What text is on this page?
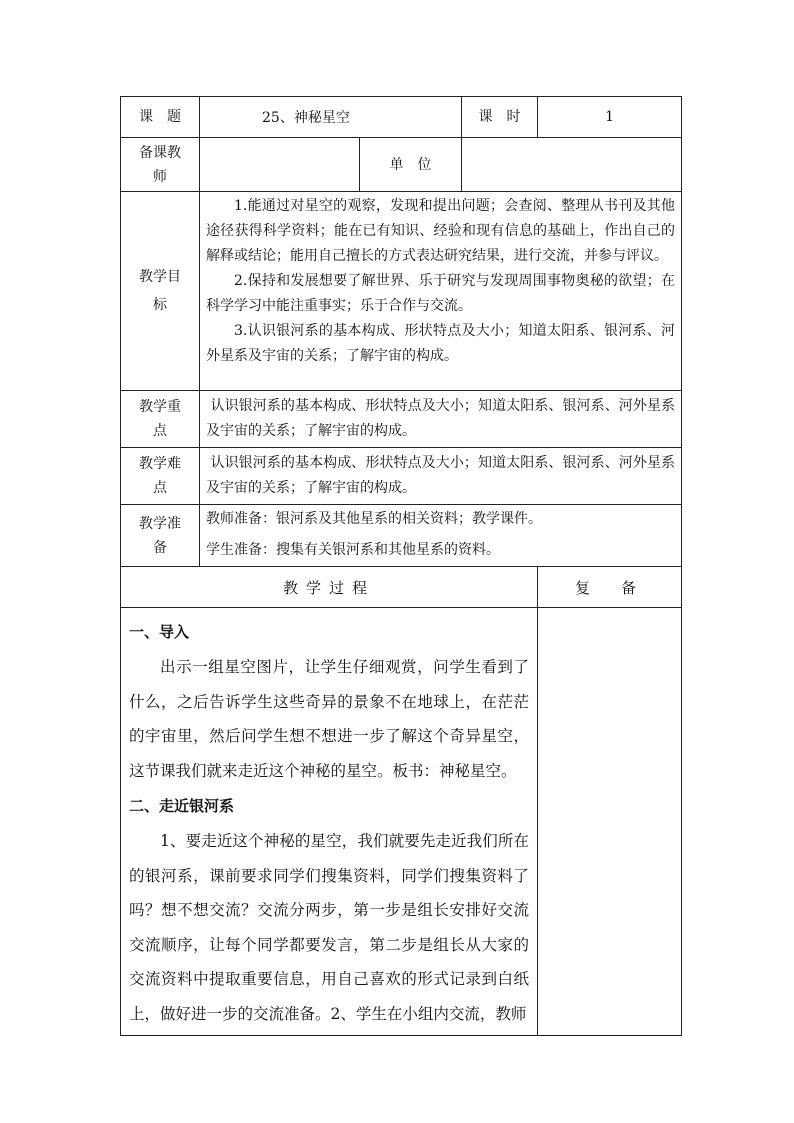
课　题	25、神秘星空		课　时	1
备课教师		单　位		
教学目标	1.能通过对星空的观察，发现和提出问题；会查阅、整理从书刊及其他途径获得科学资料；能在已有知识、经验和现有信息的基础上，作出自己的解释或结论；能用自己擅长的方式表达研究结果，进行交流，并参与评议。

2.保持和发展想要了解世界、乐于研究与发现周围事物奥秘的欲望；在科学学习中能注重事实；乐于合作与交流。

3.认识银河系的基本构成、形状特点及大小；知道太阳系、银河系、河外星系及宇宙的关系；了解宇宙的构成。			

教学重点	认识银河系的基本构成、形状特点及大小；知道太阳系、银河系、河外星系及宇宙的关系；了解宇宙的构成。			

教学难点	认识银河系的基本构成、形状特点及大小；知道太阳系、银河系、河外星系及宇宙的关系；了解宇宙的构成。			

教学准备	教师准备：银河系及其他星系的相关资料；教学课件。

学生准备：搜集有关银河系和其他星系的资料。			

教学过程				复　备

一、导入

出示一组星空图片，让学生仔细观赏，问学生看到了什么，之后告诉学生这些奇异的景象不在地球上，在茫茫的宇宙里，然后问学生想不想进一步了解这个奇异星空，这节课我们就来走近这个神秘的星空。板书：神秘星空。

二、走近银河系

1、要走近这个神秘的星空，我们就要先走近我们所在的银河系，课前要求同学们搜集资料，同学们搜集资料了吗？想不想交流？交流分两步，第一步是组长安排好交流交流顺序，让每个同学都要发言，第二步是组长从大家的交流资料中提取重要信息，用自己喜欢的形式记录到白纸上，做好进一步的交流准备。2、学生在小组内交流，教师				
